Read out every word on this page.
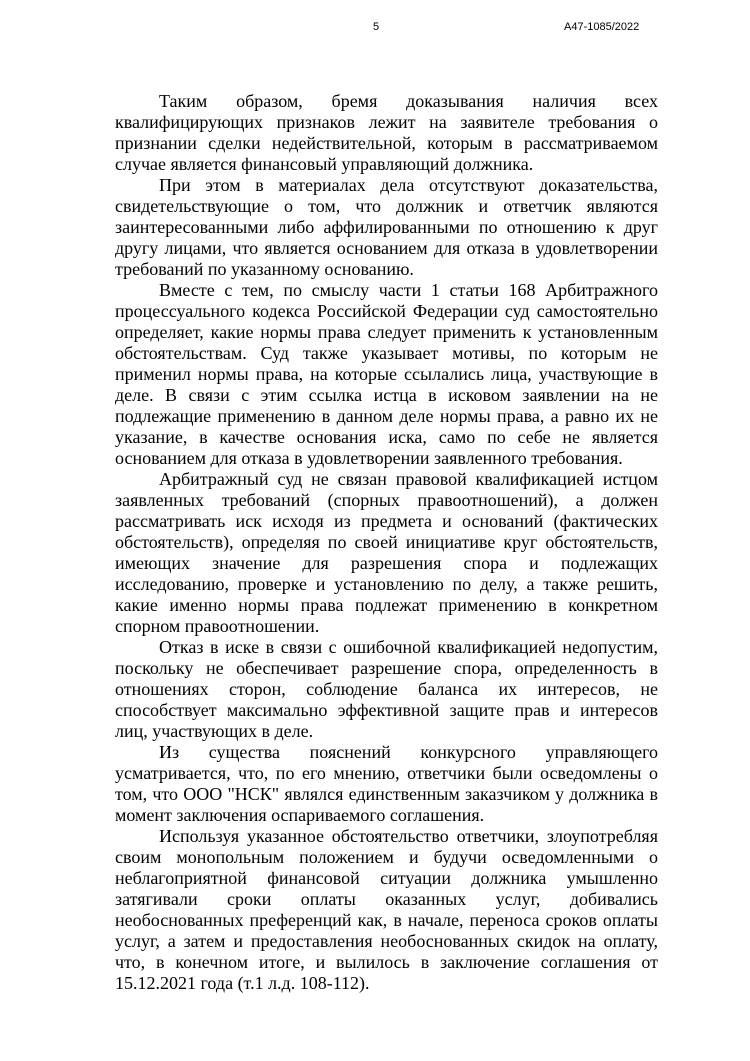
5	А47-1085/2022

Таким образом, бремя доказывания наличия всех квалифицирующих признаков лежит на заявителе требования о признании сделки недействительной, которым в рассматриваемом случае является финансовый управляющий должника.

При этом в материалах дела отсутствуют доказательства, свидетельствующие о том, что должник и ответчик являются заинтересованными либо аффилированными по отношению к друг другу лицами, что является основанием для отказа в удовлетворении требований по указанному основанию.

Вместе с тем, по смыслу части 1 статьи 168 Арбитражного процессуального кодекса Российской Федерации суд самостоятельно определяет, какие нормы права следует применить к установленным обстоятельствам. Суд также указывает мотивы, по которым не применил нормы права, на которые ссылались лица, участвующие в деле. В связи с этим ссылка истца в исковом заявлении на не подлежащие применению в данном деле нормы права, а равно их не указание, в качестве основания иска, само по себе не является основанием для отказа в удовлетворении заявленного требования.

Арбитражный суд не связан правовой квалификацией истцом заявленных требований (спорных правоотношений), а должен рассматривать иск исходя из предмета и оснований (фактических обстоятельств), определяя по своей инициативе круг обстоятельств, имеющих значение для разрешения спора и подлежащих исследованию, проверке и установлению по делу, а также решить, какие именно нормы права подлежат применению в конкретном спорном правоотношении.

Отказ в иске в связи с ошибочной квалификацией недопустим, поскольку не обеспечивает разрешение спора, определенность в отношениях сторон, соблюдение баланса их интересов, не способствует максимально эффективной защите прав и интересов лиц, участвующих в деле.

Из существа пояснений конкурсного управляющего усматривается, что, по его мнению, ответчики были осведомлены о том, что ООО "НСК" являлся единственным заказчиком у должника в момент заключения оспариваемого соглашения.

Используя указанное обстоятельство ответчики, злоупотребляя своим монопольным положением и будучи осведомленными о неблагоприятной финансовой ситуации должника умышленно затягивали сроки оплаты оказанных услуг, добивались необоснованных преференций как, в начале, переноса сроков оплаты услуг, а затем и предоставления необоснованных скидок на оплату, что, в конечном итоге, и вылилось в заключение соглашения от 15.12.2021 года (т.1 л.д. 108-112).
